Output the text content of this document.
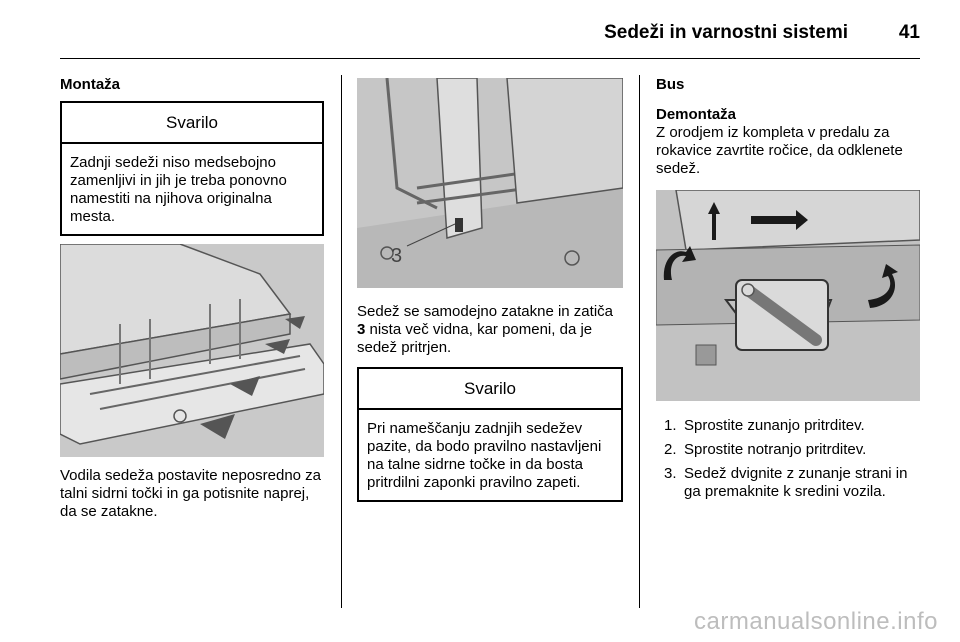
Sedeži in varnostni sistemi	41

Montaža

Svarilo
Zadnji sedeži niso medsebojno zamenljivi in jih je treba ponovno namestiti na njihova originalna mesta.

Vodila sedeža postavite neposredno za talni sidrni točki in ga potisnite naprej, da se zatakne.

3

Sedež se samodejno zatakne in zatiča 3 nista več vidna, kar pomeni, da je sedež pritrjen.

Svarilo
Pri nameščanju zadnjih sedežev pazite, da bodo pravilno nastavljeni na talne sidrne točke in da bosta pritrdilni zaponki pravilno zapeti.

Bus

Demontaža

Z orodjem iz kompleta v predalu za rokavice zavrtite ročice, da odklenete sedež.

1. Sprostite zunanjo pritrditev.
2. Sprostite notranjo pritrditev.
3. Sedež dvignite z zunanje strani in ga premaknite k sredini vozila.
carmanualsonline.info
